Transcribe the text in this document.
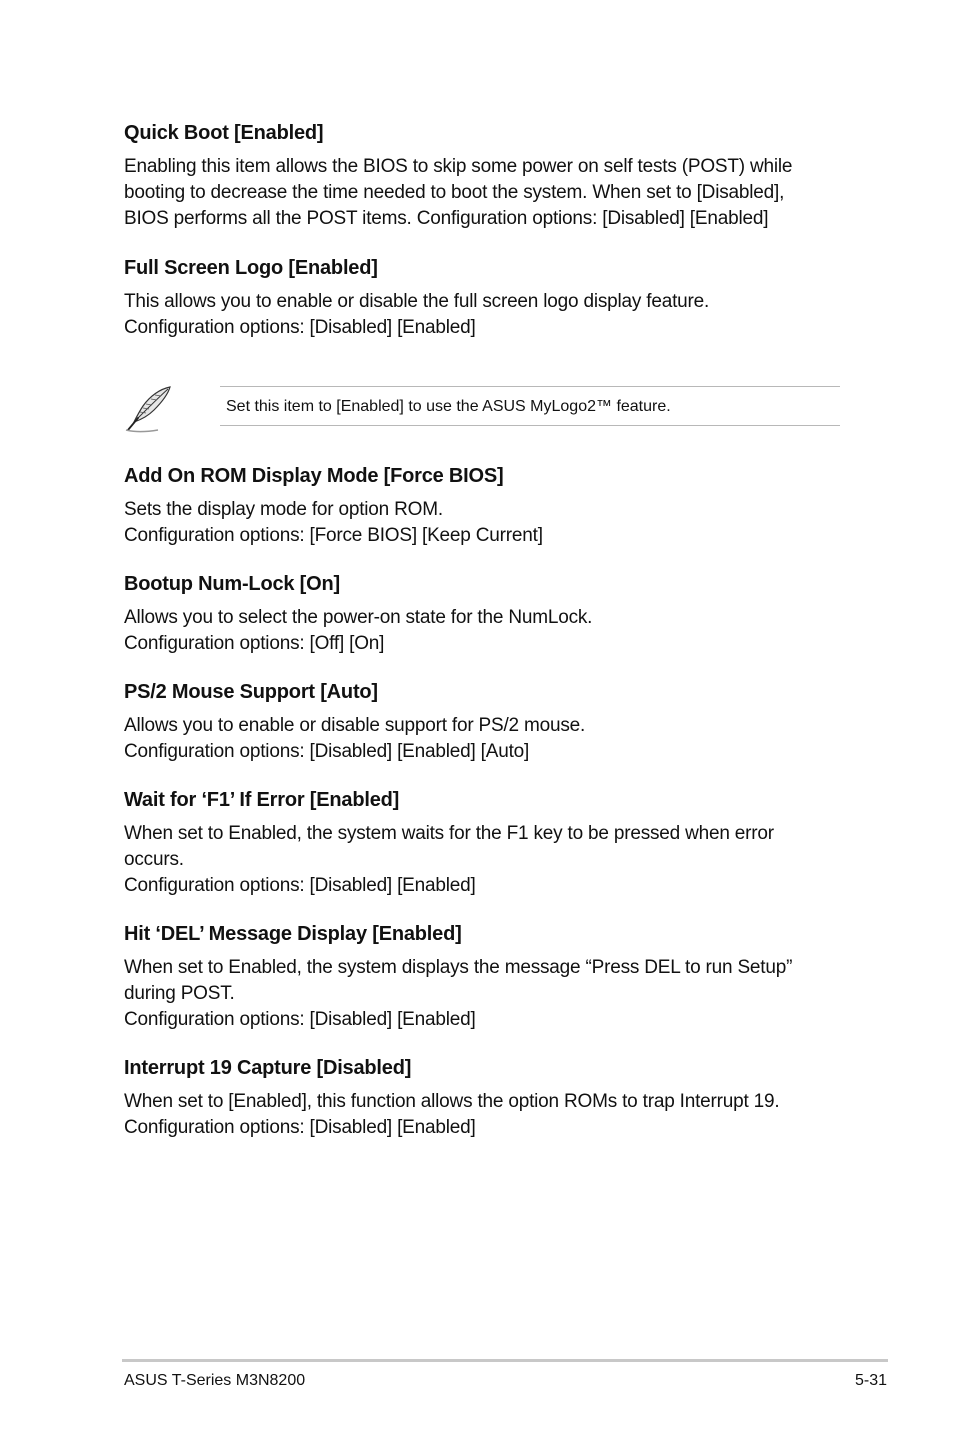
Quick Boot [Enabled]

Enabling this item allows the BIOS to skip some power on self tests (POST) while

booting to decrease the time needed to boot the system. When set to [Disabled],

BIOS performs all the POST items. Configuration options: [Disabled] [Enabled]

Full Screen Logo [Enabled]

This allows you to enable or disable the full screen logo display feature.

Configuration options: [Disabled] [Enabled]

Set this item to [Enabled] to use the ASUS MyLogo2™ feature.

Add On ROM Display Mode [Force BIOS]

Sets the display mode for option ROM.

Configuration options: [Force BIOS] [Keep Current]

Bootup Num-Lock [On]

Allows you to select the power-on state for the NumLock.

Configuration options: [Off] [On]

PS/2 Mouse Support [Auto]

Allows you to enable or disable support for PS/2 mouse.

Configuration options: [Disabled] [Enabled] [Auto]

Wait for ‘F1’ If Error [Enabled]

When set to Enabled, the system waits for the F1 key to be pressed when error

occurs.

Configuration options: [Disabled] [Enabled]

Hit ‘DEL’ Message Display [Enabled]

When set to Enabled, the system displays the message “Press DEL to run Setup”

during POST.

Configuration options: [Disabled] [Enabled]

Interrupt 19 Capture [Disabled]

When set to [Enabled], this function allows the option ROMs to trap Interrupt 19.

Configuration options: [Disabled] [Enabled]

ASUS T-Series M3N8200	5-31
